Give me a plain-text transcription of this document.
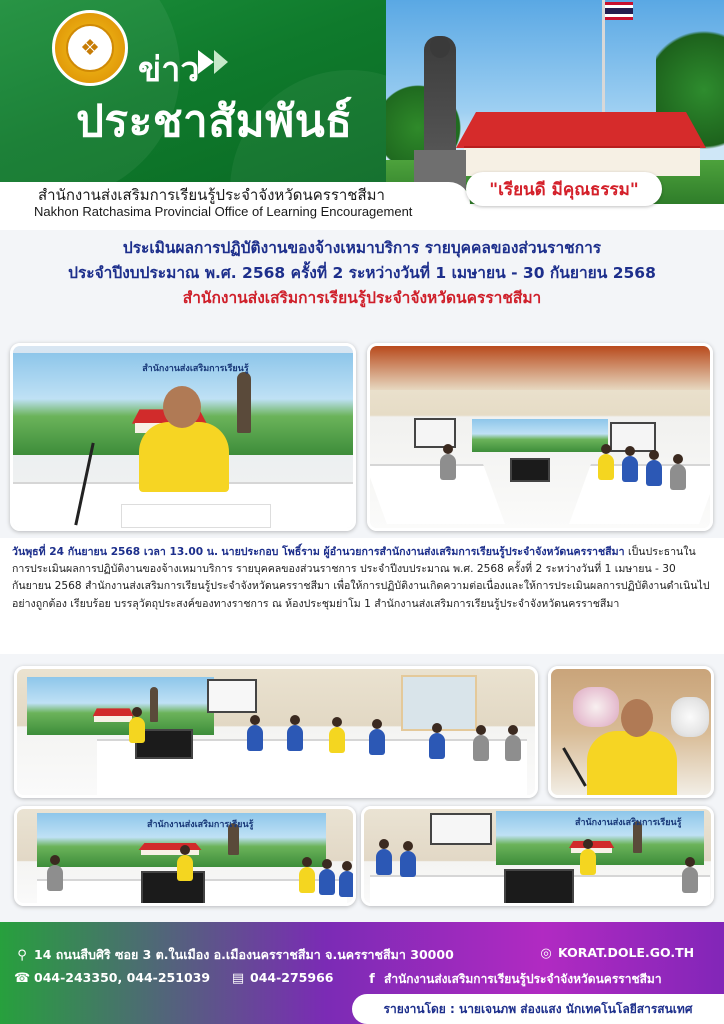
❖
ข่าว
ประชาสัมพันธ์
สำนักงานส่งเสริมการเรียนรู้ประจำจังหวัดนครราชสีมา
Nakhon Ratchasima Provincial Office of Learning Encouragement
"เรียนดี มีคุณธรรม"
ประเมินผลการปฏิบัติงานของจ้างเหมาบริการ รายบุคคลของส่วนราชการ
ประจำปีงบประมาณ พ.ศ. 2568 ครั้งที่ 2 ระหว่างวันที่ 1 เมษายน - 30 กันยายน 2568
สำนักงานส่งเสริมการเรียนรู้ประจำจังหวัดนครราชสีมา
สำนักงานส่งเสริมการเรียนรู้
วันพุธที่ 24 กันยายน 2568 เวลา 13.00 น. นายประกอบ โพธิ์ราม ผู้อำนวยการสำนักงานส่งเสริมการเรียนรู้ประจำจังหวัดนครราชสีมา เป็นประธานในการประเมินผลการปฏิบัติงานของจ้างเหมาบริการ รายบุคคลของส่วนราชการ ประจำปีงบประมาณ พ.ศ. 2568 ครั้งที่ 2 ระหว่างวันที่ 1 เมษายน - 30 กันยายน 2568 สำนักงานส่งเสริมการเรียนรู้ประจำจังหวัดนครราชสีมา เพื่อให้การปฏิบัติงานเกิดความต่อเนื่องและให้การประเมินผลการปฏิบัติงานดำเนินไปอย่างถูกต้อง เรียบร้อย บรรลุวัตถุประสงค์ของทางราชการ ณ ห้องประชุมย่าโม 1 สำนักงานส่งเสริมการเรียนรู้ประจำจังหวัดนครราชสีมา
สำนักงานส่งเสริมการเรียนรู้	สำนักงานส่งเสริมการเรียนรู้
⚲ 14 ถนนสืบศิริ ซอย 3 ต.ในเมือง อ.เมืองนครราชสีมา จ.นครราชสีมา 30000	◎ KORAT.DOLE.GO.TH
☎ 044-243350, 044-251039 ▤ 044-275966	f สำนักงานส่งเสริมการเรียนรู้ประจำจังหวัดนครราชสีมา
รายงานโดย : นายเจนภพ ส่องแสง นักเทคโนโลยีสารสนเทศ
